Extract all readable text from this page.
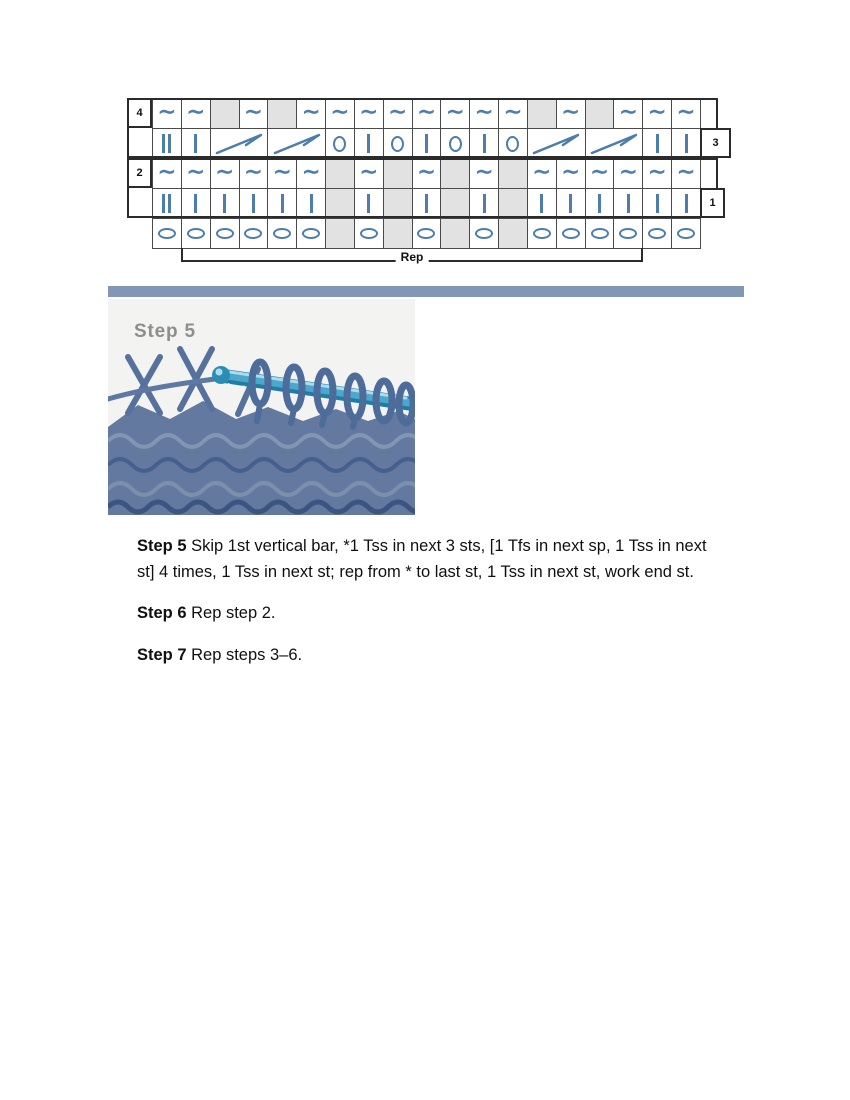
∼ ∼ ∼ ∼ ∼ ∼ ∼ ∼ ∼ ∼ ∼ ∼ ∼ ∼ ∼
∼ ∼ ∼ ∼ ∼ ∼ ∼ ∼ ∼ ∼ ∼ ∼ ∼ ∼ ∼
4
3
2
1
Rep
Step 5

Step 5 Skip 1st vertical bar, *1 Tss in next 3 sts, [1 Tfs in next sp, 1 Tss in next st] 4 times, 1 Tss in next st; rep from * to last st, 1 Tss in next st, work end st.

Step 6 Rep step 2.

Step 7 Rep steps 3–6.
